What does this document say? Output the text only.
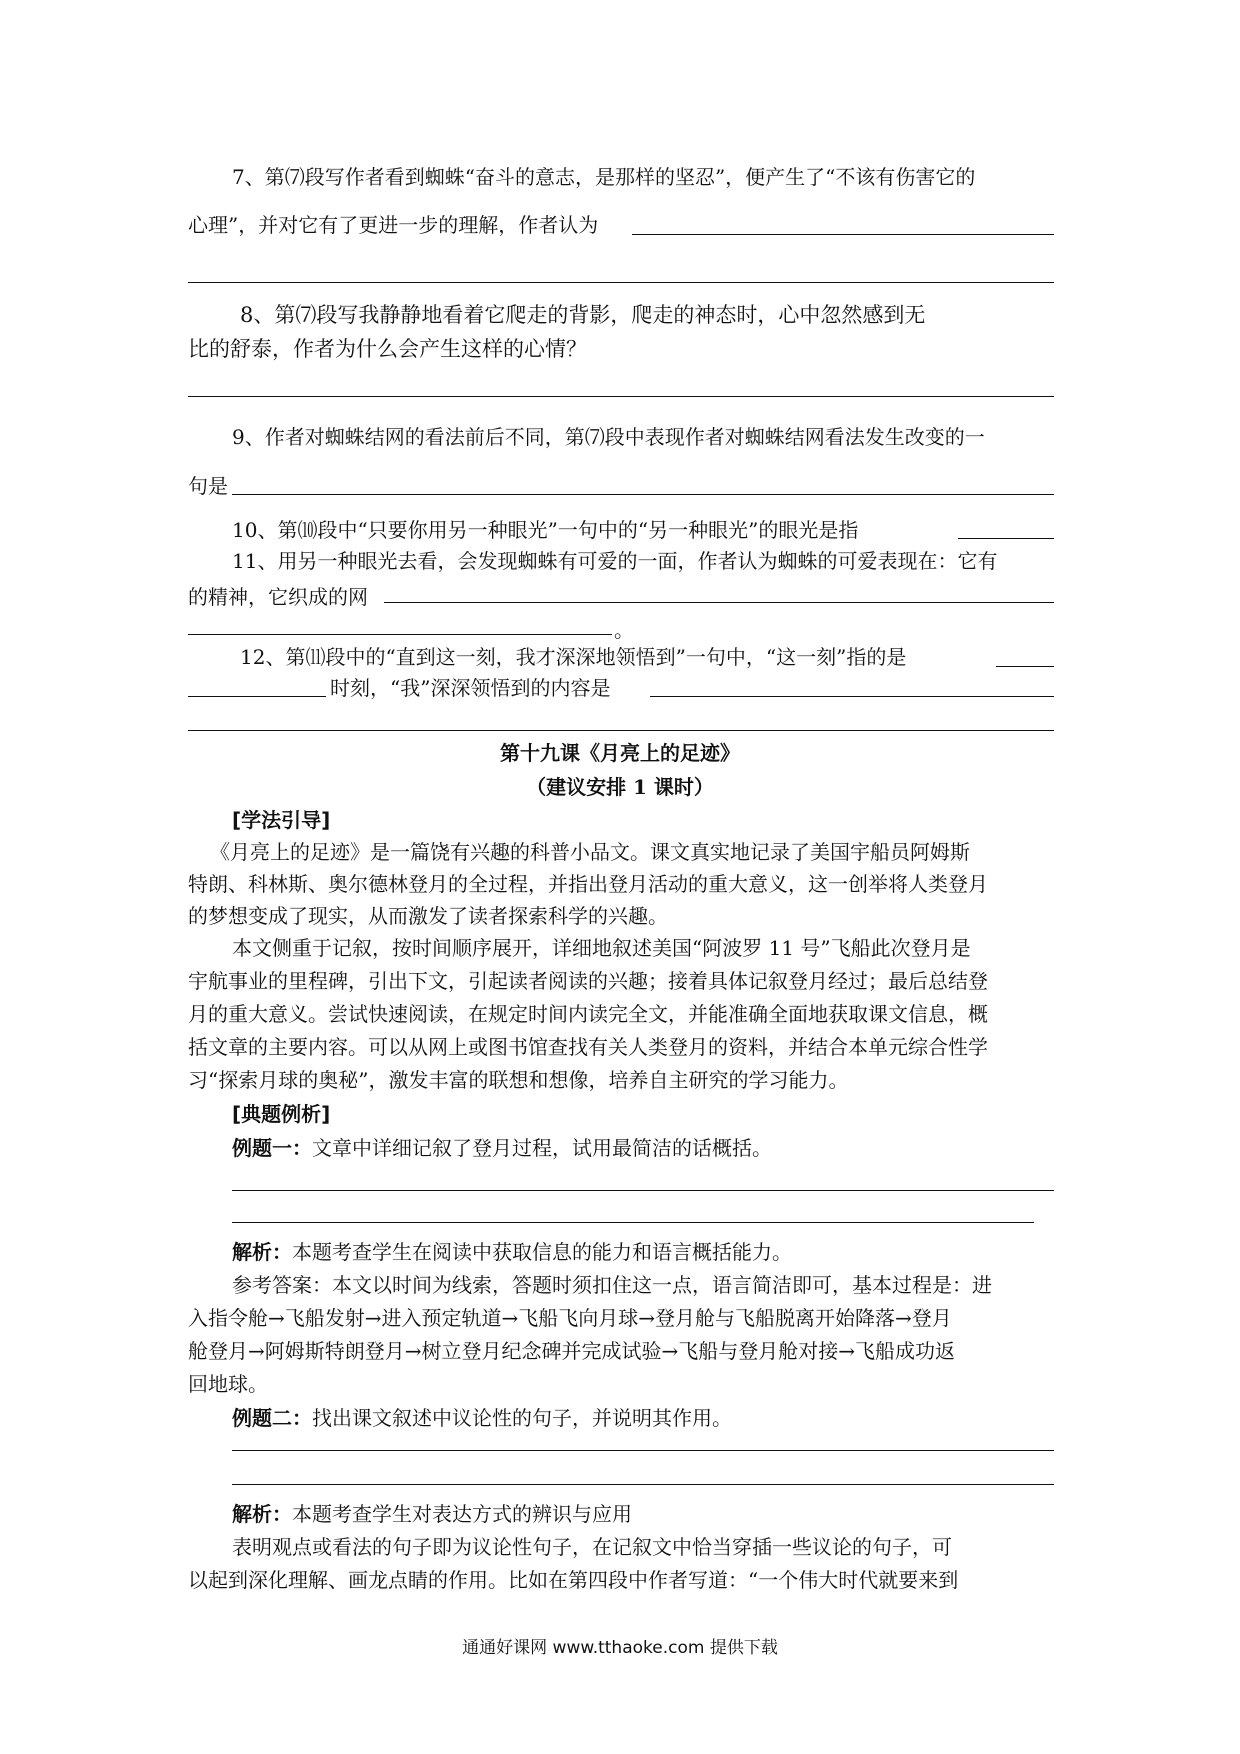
7、第⑺段写作者看到蜘蛛“奋斗的意志，是那样的坚忍”，便产生了“不该有伤害它的
心理”，并对它有了更进一步的理解，作者认为
8、第⑺段写我静静地看着它爬走的背影，爬走的神态时，心中忽然感到无
比的舒泰，作者为什么会产生这样的心情？
9、作者对蜘蛛结网的看法前后不同，第⑺段中表现作者对蜘蛛结网看法发生改变的一
句是
10、第⑽段中“只要你用另一种眼光”一句中的“另一种眼光”的眼光是指
11、用另一种眼光去看，会发现蜘蛛有可爱的一面，作者认为蜘蛛的可爱表现在：它有
的精神，它织成的网
。
12、第⑾段中的“直到这一刻，我才深深地领悟到”一句中，“这一刻”指的是
时刻，“我”深深领悟到的内容是
第十九课《月亮上的足迹》
（建议安排 1 课时）
[学法引导]
《月亮上的足迹》是一篇饶有兴趣的科普小品文。课文真实地记录了美国宇船员阿姆斯
特朗、科林斯、奥尔德林登月的全过程，并指出登月活动的重大意义，这一创举将人类登月
的梦想变成了现实，从而激发了读者探索科学的兴趣。
本文侧重于记叙，按时间顺序展开，详细地叙述美国“阿波罗 11 号”飞船此次登月是
宇航事业的里程碑，引出下文，引起读者阅读的兴趣；接着具体记叙登月经过；最后总结登
月的重大意义。尝试快速阅读，在规定时间内读完全文，并能准确全面地获取课文信息，概
括文章的主要内容。可以从网上或图书馆查找有关人类登月的资料，并结合本单元综合性学
习“探索月球的奥秘”，激发丰富的联想和想像，培养自主研究的学习能力。
[典题例析]
例题一：文章中详细记叙了登月过程，试用最简洁的话概括。
解析：本题考查学生在阅读中获取信息的能力和语言概括能力。
参考答案：本文以时间为线索，答题时须扣住这一点，语言简洁即可，基本过程是：进
入指令舱→飞船发射→进入预定轨道→飞船飞向月球→登月舱与飞船脱离开始降落→登月
舱登月→阿姆斯特朗登月→树立登月纪念碑并完成试验→飞船与登月舱对接→飞船成功返
回地球。
例题二：找出课文叙述中议论性的句子，并说明其作用。
解析：本题考查学生对表达方式的辨识与应用
表明观点或看法的句子即为议论性句子，在记叙文中恰当穿插一些议论的句子，可
以起到深化理解、画龙点睛的作用。比如在第四段中作者写道：“一个伟大时代就要来到
通通好课网 www.tthaoke.com 提供下载
